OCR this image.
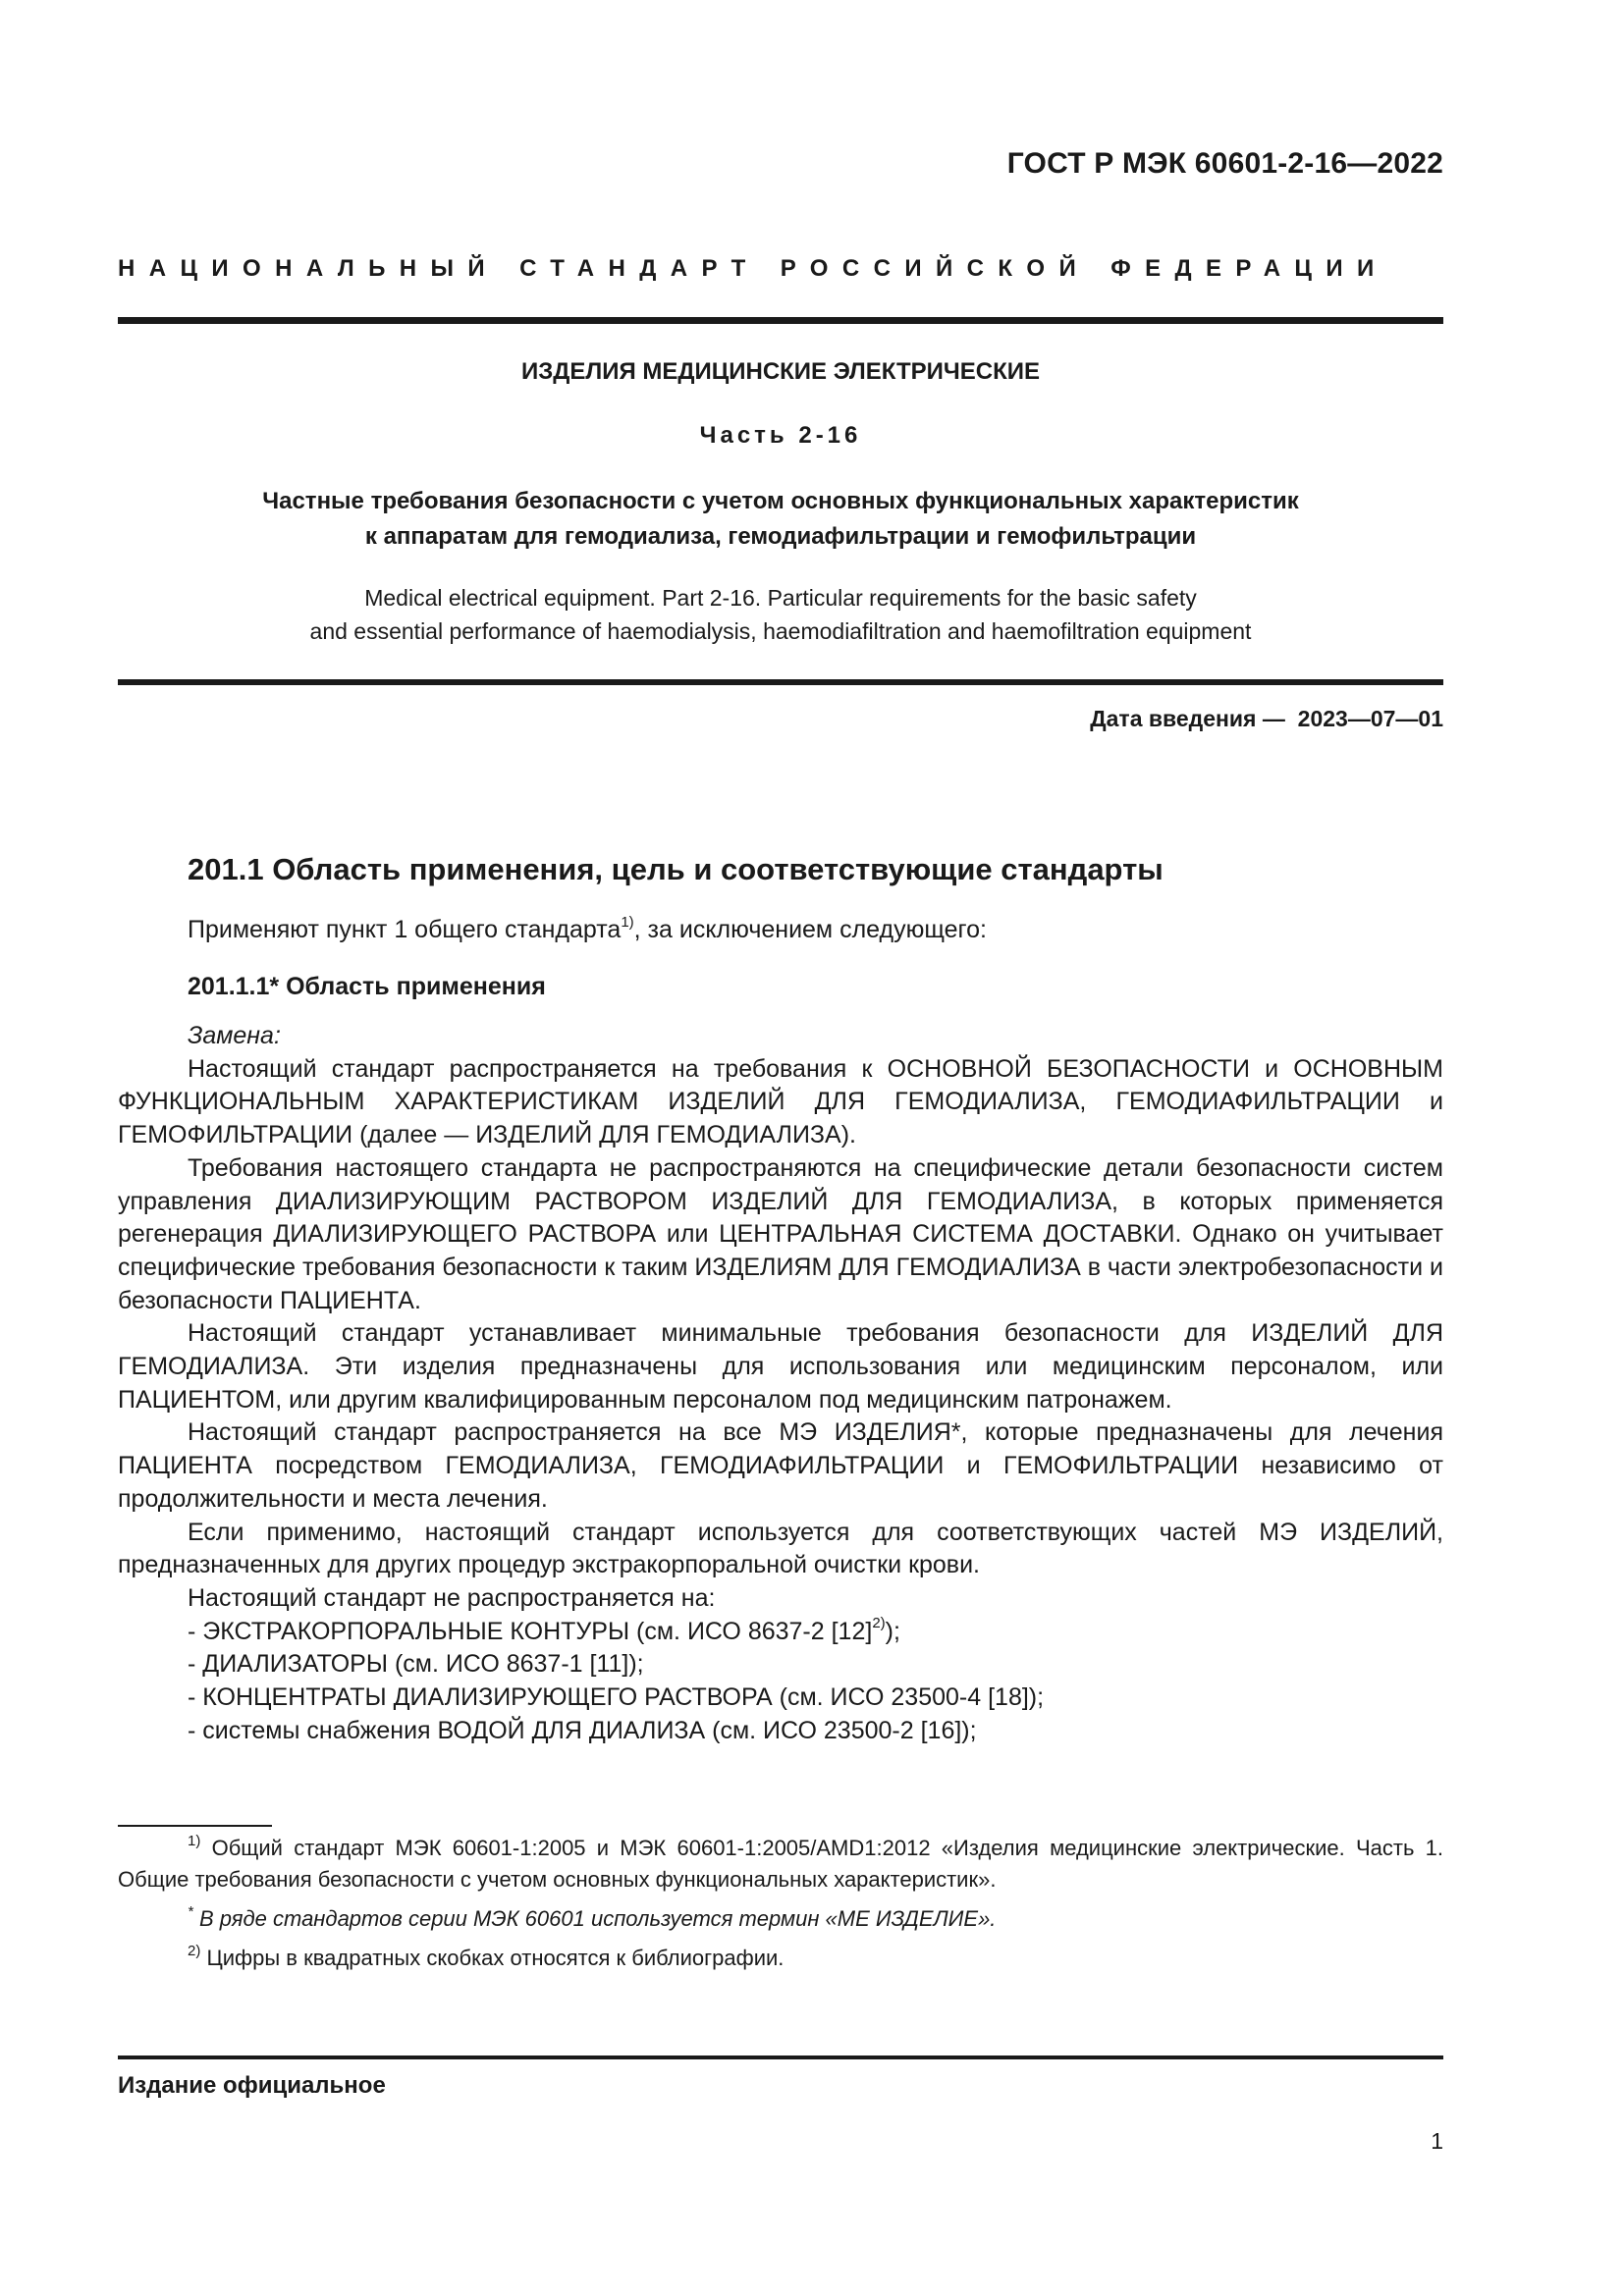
ГОСТ Р МЭК 60601-2-16—2022
НАЦИОНАЛЬНЫЙ СТАНДАРТ РОССИЙСКОЙ ФЕДЕРАЦИИ
ИЗДЕЛИЯ МЕДИЦИНСКИЕ ЭЛЕКТРИЧЕСКИЕ
Часть 2-16
Частные требования безопасности с учетом основных функциональных характеристик
к аппаратам для гемодиализа, гемодиафильтрации и гемофильтрации
Medical electrical equipment. Part 2-16. Particular requirements for the basic safety
and essential performance of haemodialysis, haemodiafiltration and haemofiltration equipment
Дата введения — 2023—07—01
201.1 Область применения, цель и соответствующие стандарты
Применяют пункт 1 общего стандарта$^{1)}$, за исключением следующего:
201.1.1* Область применения

Замена:

Настоящий стандарт распространяется на требования к ОСНОВНОЙ БЕЗОПАСНОСТИ и ОСНОВНЫМ ФУНКЦИОНАЛЬНЫМ ХАРАКТЕРИСТИКАМ ИЗДЕЛИЙ ДЛЯ ГЕМОДИАЛИЗА, ГЕМОДИАФИЛЬТРАЦИИ и ГЕМОФИЛЬТРАЦИИ (далее — ИЗДЕЛИЙ ДЛЯ ГЕМОДИАЛИЗА).

Требования настоящего стандарта не распространяются на специфические детали безопасности систем управления ДИАЛИЗИРУЮЩИМ РАСТВОРОМ ИЗДЕЛИЙ ДЛЯ ГЕМОДИАЛИЗА, в которых применяется регенерация ДИАЛИЗИРУЮЩЕГО РАСТВОРА или ЦЕНТРАЛЬНАЯ СИСТЕМА ДОСТАВКИ. Однако он учитывает специфические требования безопасности к таким ИЗДЕЛИЯМ ДЛЯ ГЕМОДИАЛИЗА в части электробезопасности и безопасности ПАЦИЕНТА.

Настоящий стандарт устанавливает минимальные требования безопасности для ИЗДЕЛИЙ ДЛЯ ГЕМОДИАЛИЗА. Эти изделия предназначены для использования или медицинским персоналом, или ПАЦИЕНТОМ, или другим квалифицированным персоналом под медицинским патронажем.

Настоящий стандарт распространяется на все МЭ ИЗДЕЛИЯ*, которые предназначены для лечения ПАЦИЕНТА посредством ГЕМОДИАЛИЗА, ГЕМОДИАФИЛЬТРАЦИИ и ГЕМОФИЛЬТРАЦИИ независимо от продолжительности и места лечения.

Если применимо, настоящий стандарт используется для соответствующих частей МЭ ИЗДЕЛИЙ, предназначенных для других процедур экстракорпоральной очистки крови.

Настоящий стандарт не распространяется на:

- ЭКСТРАКОРПОРАЛЬНЫЕ КОНТУРЫ (см. ИСО 8637-2 $[12]^{2)}$);

- ДИАЛИЗАТОРЫ (см. ИСО 8637-1 [11]);

- КОНЦЕНТРАТЫ ДИАЛИЗИРУЮЩЕГО РАСТВОРА (см. ИСО 23500-4 [18]);

- системы снабжения ВОДОЙ ДЛЯ ДИАЛИЗА (см. ИСО 23500-2 [16]);

$^{1)}$ Общий стандарт МЭК 60601-1:2005 и МЭК 60601-1:2005/AMD1:2012 «Изделия медицинские электрические. Часть 1. Общие требования безопасности с учетом основных функциональных характеристик».

* В ряде стандартов серии МЭК 60601 используется термин «МЕ ИЗДЕЛИЕ».

$^{2)}$ Цифры в квадратных скобках относятся к библиографии.

Издание официальное
1
